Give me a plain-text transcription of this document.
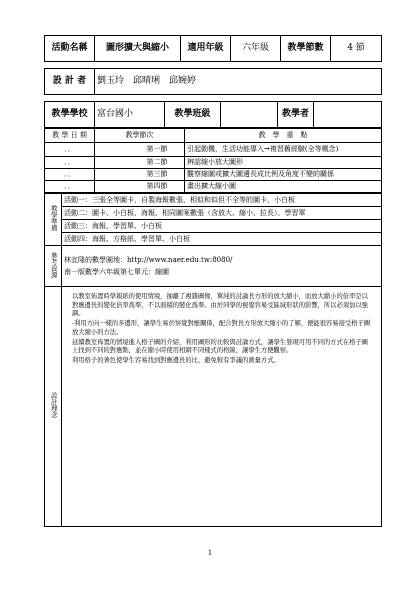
活動名稱	圖形擴大與縮小	適用年級	六年級	教學節數	4 節
設 計 者	劉玉玲　邱晴琍　邱婉婷
教學學校	富台國小	教學班級		教學者	
教 學 日 期	教學節次		教　學　重　點
．．		第一節	引起動機，生活功能導入→複習舊經驗(全等概念)
．．		第二節	辨認縮小放大圖形
．．		第三節	觀察縮圖或擴大圖邊長成比例及角度不變的關係
．．		第四節	畫出擴大縮小圖
教學準備	活動一：三張全等圖卡、自製海報數張、相似和似但不全等的圖卡、小白板
	活動二：圖卡、小白板、海報、相同圖案數張（含放大、縮小、拉長）、學習單
	活動三：海報、學習單、小白板
	活動四：海報、方格紙、學習單、小白板
參考資源	林宜隆的數學園地：http://www.naer.edu.tw:8080/
南一版數學六年級第七單元：縮圖

設計理念	以教室佈置時學報紙的使用情境，抽離了複雜圖像，單純的討論長方形的放大縮小，而放大縮小的倍率是以對應邊長的變化倍率爲準，不以面積的變化爲準。由於同學的視覺容易受區域形狀的影響，所以必須加以強調。

-利用方向一樣的多邊形，讓學生易於察覺對應關係，配合對長方形放大縮小的了解，便能很容易接受格子圖放大縮小的方法。

延續教室佈置的情境進入格子圖的介紹，利用圖形的比較與討論方式，讓學生發現可用不同的方式在格子圖上找到不同的對應點，並在縮小時使用相網不同樣式的格線，讓學生方便觀察。

利用格子的著色使學生容易找到對應邊長的比，避免較有爭議的測量方式。

1
